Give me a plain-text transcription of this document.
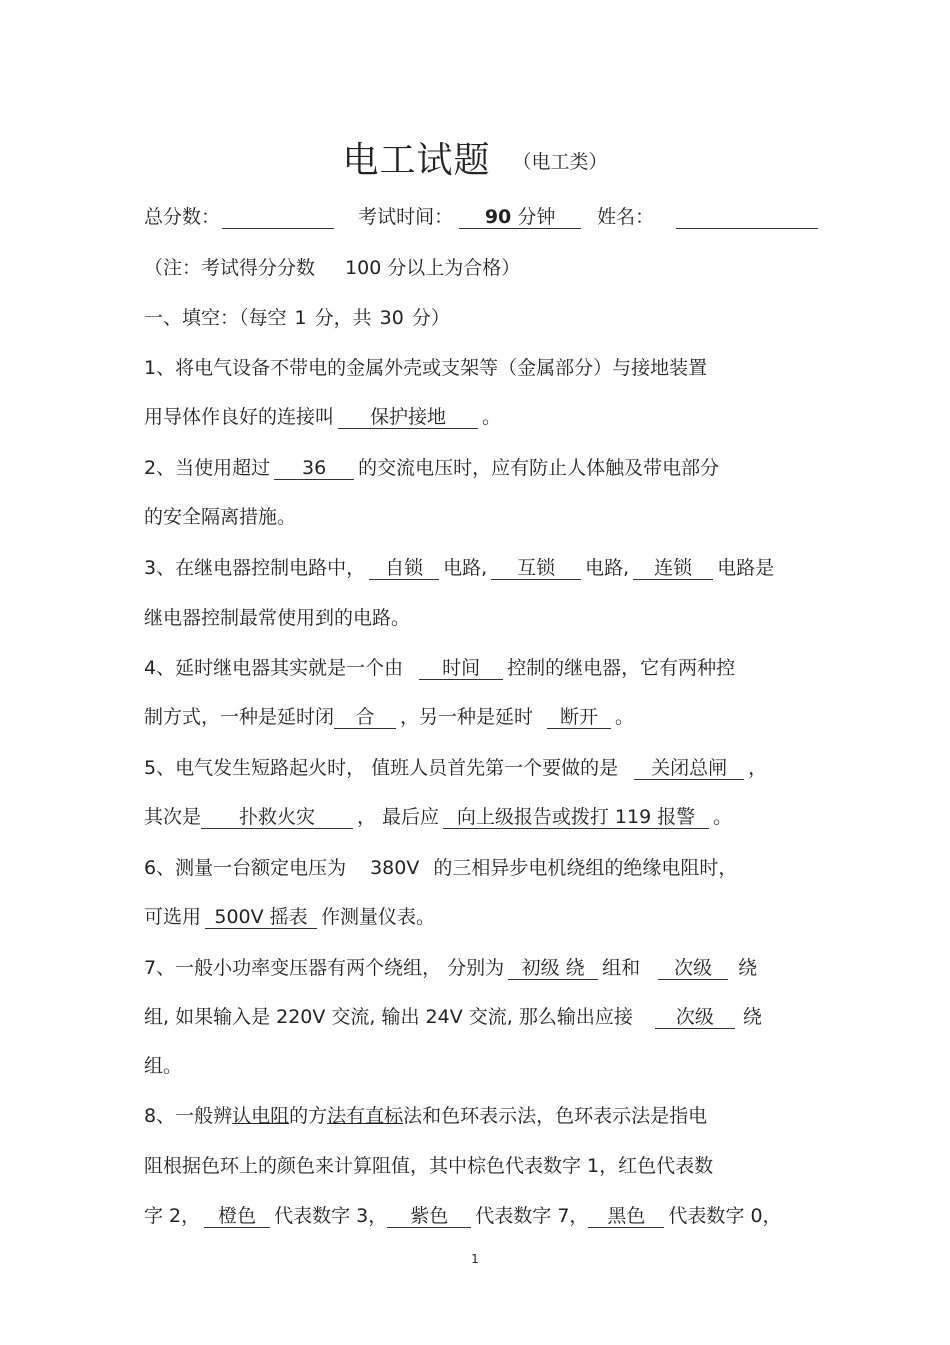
电工试题 （电工类）
总分数：	考试时间： 90 分钟 姓名：
（注：考试得分分数 100 分以上为合格）
一、填空：（每空 1 分，共 30 分）
1、将电气设备不带电的金属外壳或支架等（金属部分）与接地装置
用导体作良好的连接叫 保护接地 。
2、当使用超过 36 的交流电压时，应有防止人体触及带电部分
的安全隔离措施。
3、在继电器控制电路中， 自锁 电路, 互锁 电路, 连锁 电路是
继电器控制最常使用到的电路。
4、延时继电器其实就是一个由 时间 控制的继电器，它有两种控
制方式，一种是延时闭 合 ，另一种是延时 断开 。
5、电气发生短路起火时， 值班人员首先第一个要做的是 关闭总闸 ，
其次是 扑救火灾 ， 最后应 向上级报告或拨打 119 报警 。
6、测量一台额定电压为 380V 的三相异步电机绕组的绝缘电阻时，
可选用 500V 摇表 作测量仪表。
7、一般小功率变压器有两个绕组， 分别为 初级 绕 组和 次级 绕
组, 如果输入是 220V 交流, 输出 24V 交流, 那么输出应接 次级 绕
组。
8、一般辨认电阻的方法有直标法和色环表示法，色环表示法是指电
阻根据色环上的颜色来计算阻值，其中棕色代表数字 1，红色代表数
字 2， 橙色 代表数字 3， 紫色 代表数字 7， 黑色 代表数字 0，
1
